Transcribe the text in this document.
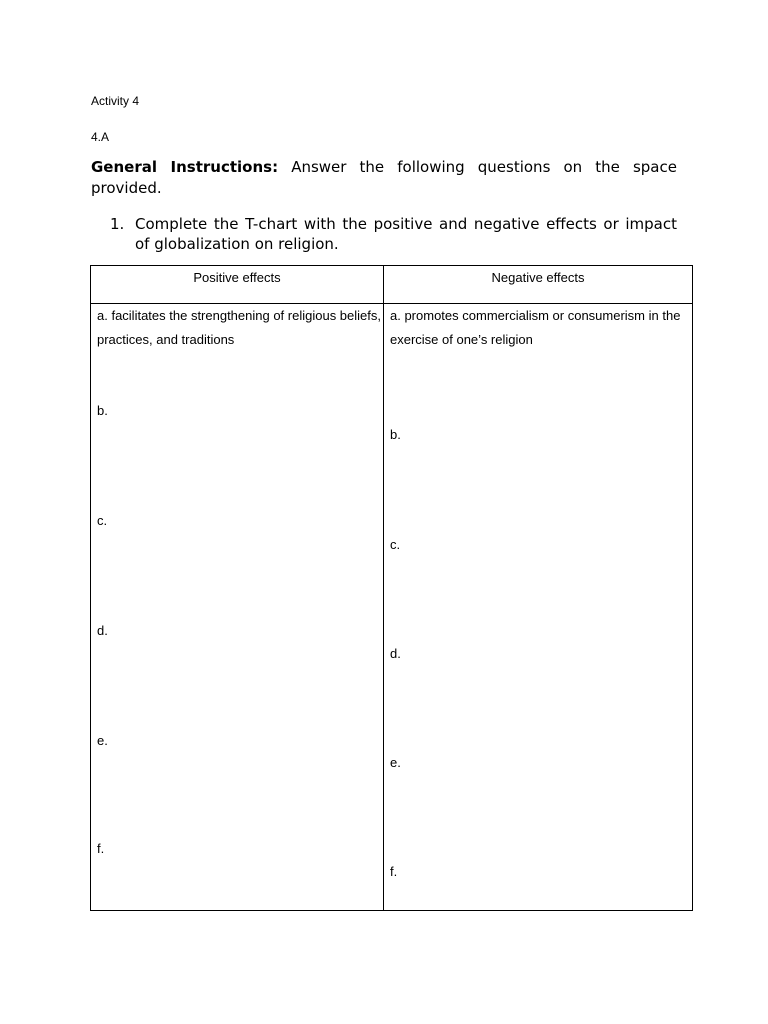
Activity 4
4.A
General Instructions: Answer the following questions on the space provided.
1. Complete the T-chart with the positive and negative effects or impact of globalization on religion.
Positive effects	Negative effects
a. facilitates the strengthening of religious beliefs, practices, and traditions
b.
c.
d.
e.
f.
a. promotes commercialism or consumerism in the exercise of one’s religion
b.
c.
d.
e.
f.
